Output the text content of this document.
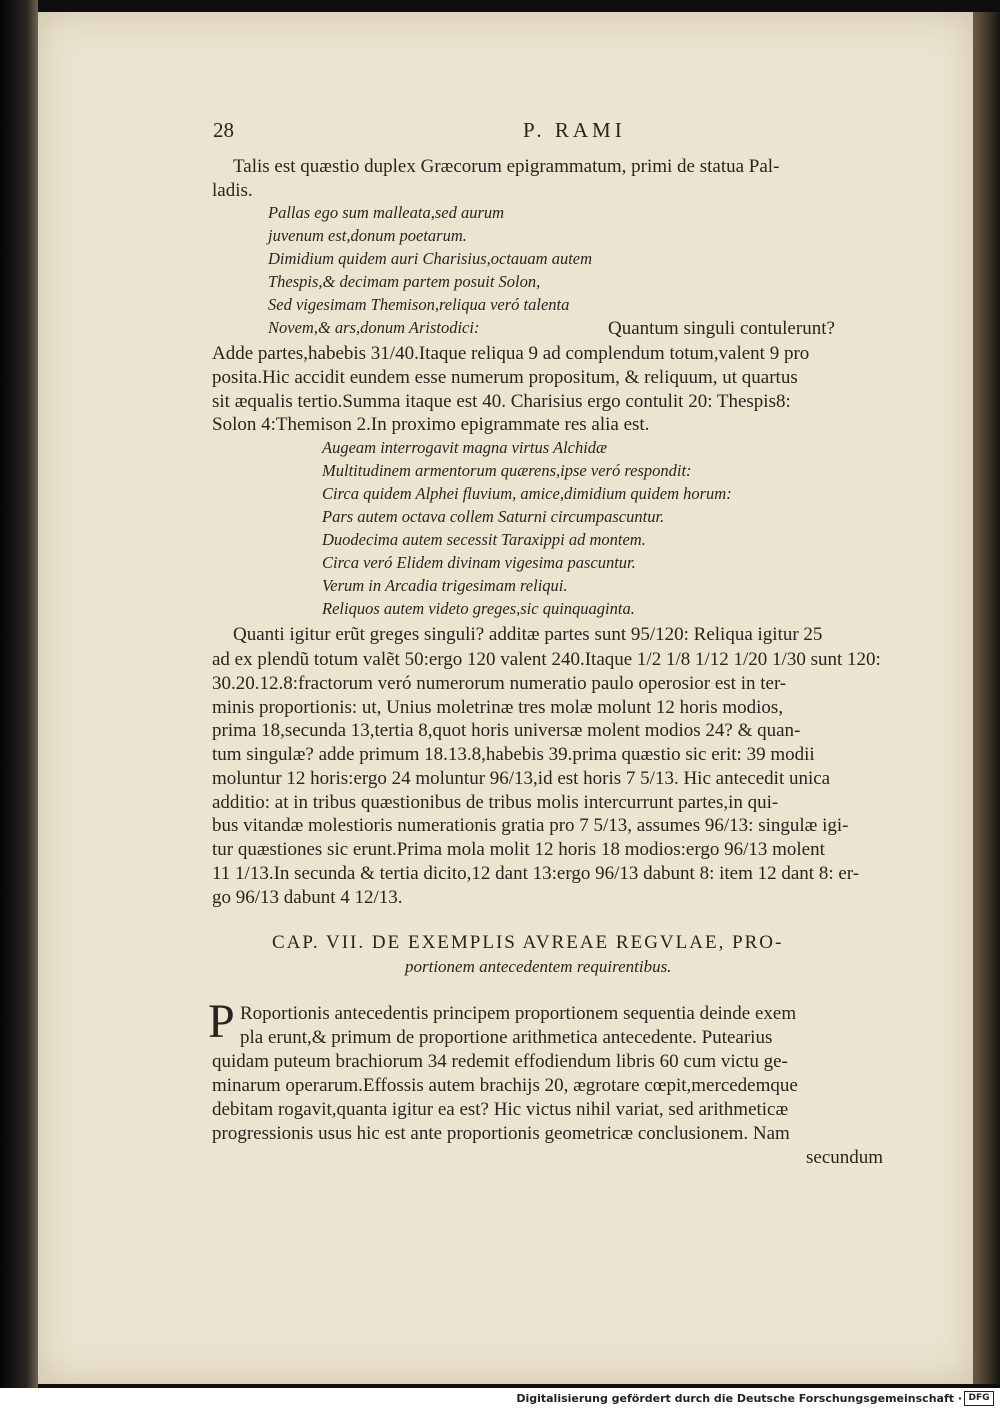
28	P. RAMI
Talis est quæstio duplex Græcorum epigrammatum, primi de statua Pal-
ladis.
Pallas ego sum malleata,sed aurum
juvenum est,donum poetarum.
Dimidium quidem auri Charisius,octauam autem
Thespis,& decimam partem posuit Solon,
Sed vigesimam Themison,reliqua veró talenta
Novem,& ars,donum Aristodici:	Quantum singuli contulerunt?
Adde partes,habebis 31/40.Itaque reliqua 9 ad complendum totum,valent 9 pro
posita.Hic accidit eundem esse numerum propositum, & reliquum, ut quartus
sit æqualis tertio.Summa itaque est 40. Charisius ergo contulit 20: Thespis8:
Solon 4:Themison 2.In proximo epigrammate res alia est.
Augeam interrogavit magna virtus Alchidæ
Multitudinem armentorum quærens,ipse veró respondit:
Circa quidem Alphei fluvium, amice,dimidium quidem horum:
Pars autem octava collem Saturni circumpascuntur.
Duodecima autem secessit Taraxippi ad montem.
Circa veró Elidem divinam vigesima pascuntur.
Verum in Arcadia trigesimam reliqui.
Reliquos autem videto greges,sic quinquaginta.
Quanti igitur erũt greges singuli? additæ partes sunt 95/120: Reliqua igitur 25
ad ex plendũ totum valẽt 50:ergo 120 valent 240.Itaque 1/2 1/8 1/12 1/20 1/30 sunt 120:
30.20.12.8:fractorum veró numerorum numeratio paulo operosior est in ter-
minis proportionis: ut, Unius moletrinæ tres molæ molunt 12 horis modios,
prima 18,secunda 13,tertia 8,quot horis universæ molent modios 24? & quan-
tum singulæ? adde primum 18.13.8,habebis 39.prima quæstio sic erit: 39 modii
moluntur 12 horis:ergo 24 moluntur 96/13,id est horis 7 5/13. Hic antecedit unica
additio: at in tribus quæstionibus de tribus molis intercurrunt partes,in qui-
bus vitandæ molestioris numerationis gratia pro 7 5/13, assumes 96/13: singulæ igi-
tur quæstiones sic erunt.Prima mola molit 12 horis 18 modios:ergo 96/13 molent
11 1/13.In secunda & tertia dicito,12 dant 13:ergo 96/13 dabunt 8: item 12 dant 8: er-
go 96/13 dabunt 4 12/13.
CAP. VII. DE EXEMPLIS AVREAE REGVLAE, PRO-
portionem antecedentem requirentibus.
P Roportionis antecedentis principem proportionem sequentia deinde exem
pla erunt,& primum de proportione arithmetica antecedente. Putearius
quidam puteum brachiorum 34 redemit effodiendum libris 60 cum victu ge-
minarum operarum.Effossis autem brachijs 20, ægrotare cœpit,mercedemque
debitam rogavit,quanta igitur ea est? Hic victus nihil variat, sed arithmeticæ
progressionis usus hic est ante proportionis geometricæ conclusionem. Nam
secundum
Digitalisierung gefördert durch die Deutsche Forschungsgemeinschaft · DFG
